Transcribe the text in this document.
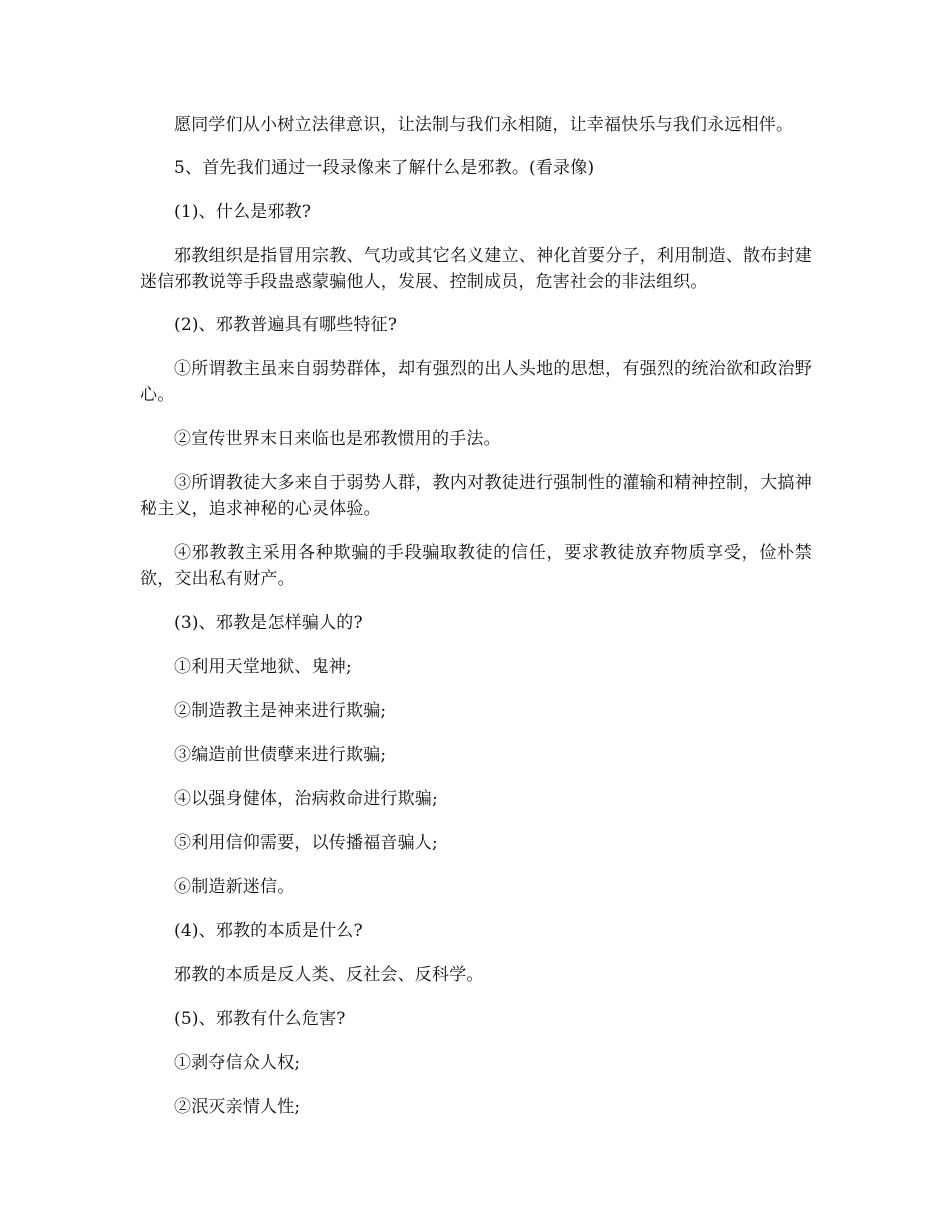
愿同学们从小树立法律意识，让法制与我们永相随，让幸福快乐与我们永远相伴。

5、首先我们通过一段录像来了解什么是邪教。(看录像)

(1)、什么是邪教?

邪教组织是指冒用宗教、气功或其它名义建立、神化首要分子，利用制造、散布封建迷信邪教说等手段蛊惑蒙骗他人，发展、控制成员，危害社会的非法组织。

(2)、邪教普遍具有哪些特征?

①所谓教主虽来自弱势群体，却有强烈的出人头地的思想，有强烈的统治欲和政治野心。

②宣传世界末日来临也是邪教惯用的手法。

③所谓教徒大多来自于弱势人群，教内对教徒进行强制性的灌输和精神控制，大搞神秘主义，追求神秘的心灵体验。

④邪教教主采用各种欺骗的手段骗取教徒的信任，要求教徒放弃物质享受，俭朴禁欲，交出私有财产。

(3)、邪教是怎样骗人的?

①利用天堂地狱、鬼神;

②制造教主是神来进行欺骗;

③编造前世债孽来进行欺骗;

④以强身健体，治病救命进行欺骗;

⑤利用信仰需要，以传播福音骗人;

⑥制造新迷信。

(4)、邪教的本质是什么?

邪教的本质是反人类、反社会、反科学。

(5)、邪教有什么危害?

①剥夺信众人权;

②泯灭亲情人性;
